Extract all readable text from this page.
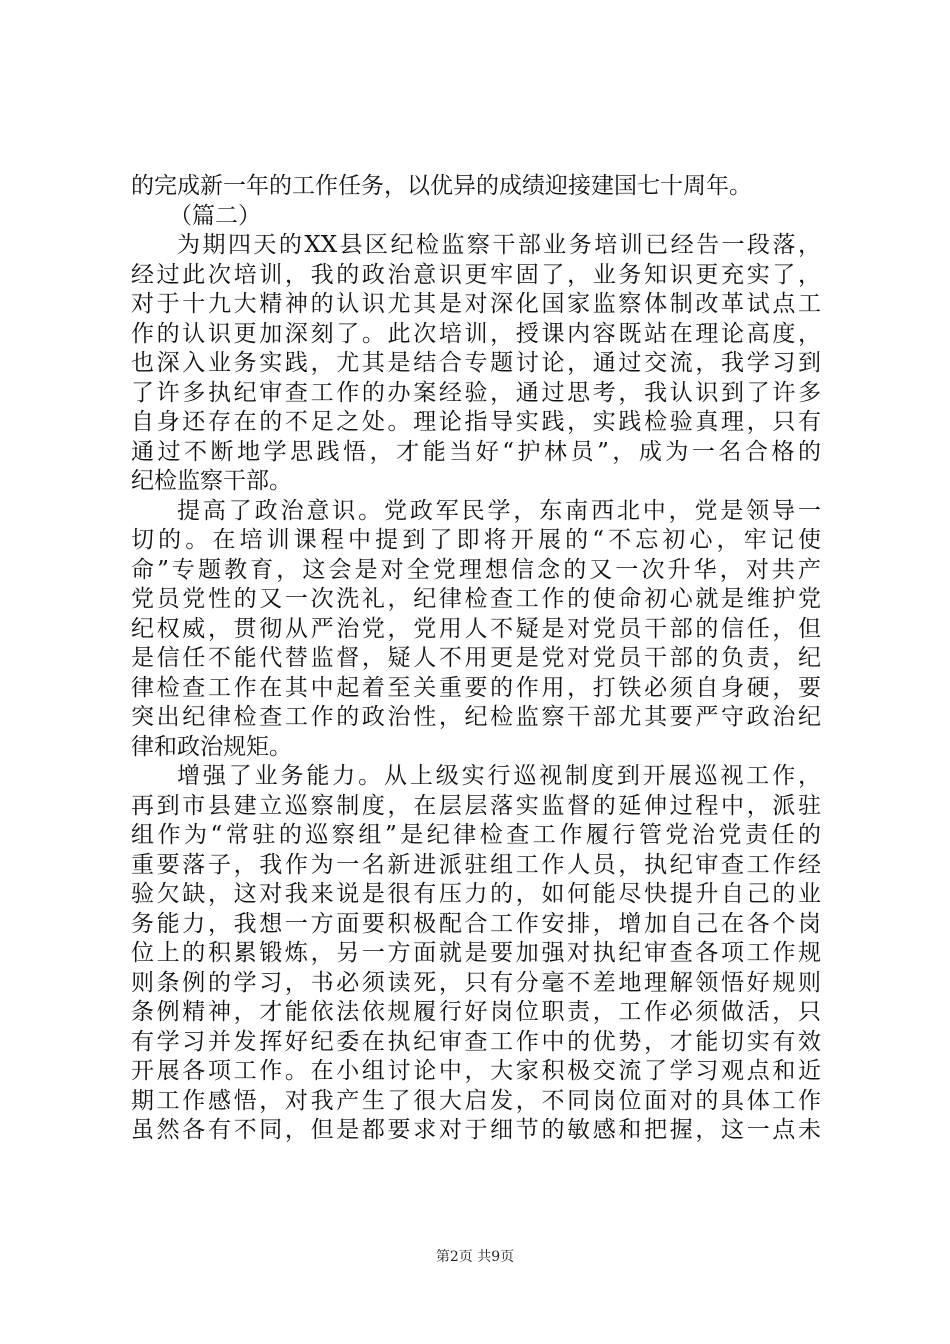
的完成新一年的工作任务，以优异的成绩迎接建国七十周年。
（篇二）
为期四天的XX县区纪检监察干部业务培训已经告一段落，
经过此次培训，我的政治意识更牢固了，业务知识更充实了，
对于十九大精神的认识尤其是对深化国家监察体制改革试点工
作的认识更加深刻了。此次培训，授课内容既站在理论高度，
也深入业务实践，尤其是结合专题讨论，通过交流，我学习到
了许多执纪审查工作的办案经验，通过思考，我认识到了许多
自身还存在的不足之处。理论指导实践，实践检验真理，只有
通过不断地学思践悟，才能当好“护林员”，成为一名合格的
纪检监察干部。
提高了政治意识。党政军民学，东南西北中，党是领导一
切的。在培训课程中提到了即将开展的“不忘初心，牢记使
命”专题教育，这会是对全党理想信念的又一次升华，对共产
党员党性的又一次洗礼，纪律检查工作的使命初心就是维护党
纪权威，贯彻从严治党，党用人不疑是对党员干部的信任，但
是信任不能代替监督，疑人不用更是党对党员干部的负责，纪
律检查工作在其中起着至关重要的作用，打铁必须自身硬，要
突出纪律检查工作的政治性，纪检监察干部尤其要严守政治纪
律和政治规矩。
增强了业务能力。从上级实行巡视制度到开展巡视工作，
再到市县建立巡察制度，在层层落实监督的延伸过程中，派驻
组作为“常驻的巡察组”是纪律检查工作履行管党治党责任的
重要落子，我作为一名新进派驻组工作人员，执纪审查工作经
验欠缺，这对我来说是很有压力的，如何能尽快提升自己的业
务能力，我想一方面要积极配合工作安排，增加自己在各个岗
位上的积累锻炼，另一方面就是要加强对执纪审查各项工作规
则条例的学习，书必须读死，只有分毫不差地理解领悟好规则
条例精神，才能依法依规履行好岗位职责，工作必须做活，只
有学习并发挥好纪委在执纪审查工作中的优势，才能切实有效
开展各项工作。在小组讨论中，大家积极交流了学习观点和近
期工作感悟，对我产生了很大启发，不同岗位面对的具体工作
虽然各有不同，但是都要求对于细节的敏感和把握，这一点未
第2页 共9页
